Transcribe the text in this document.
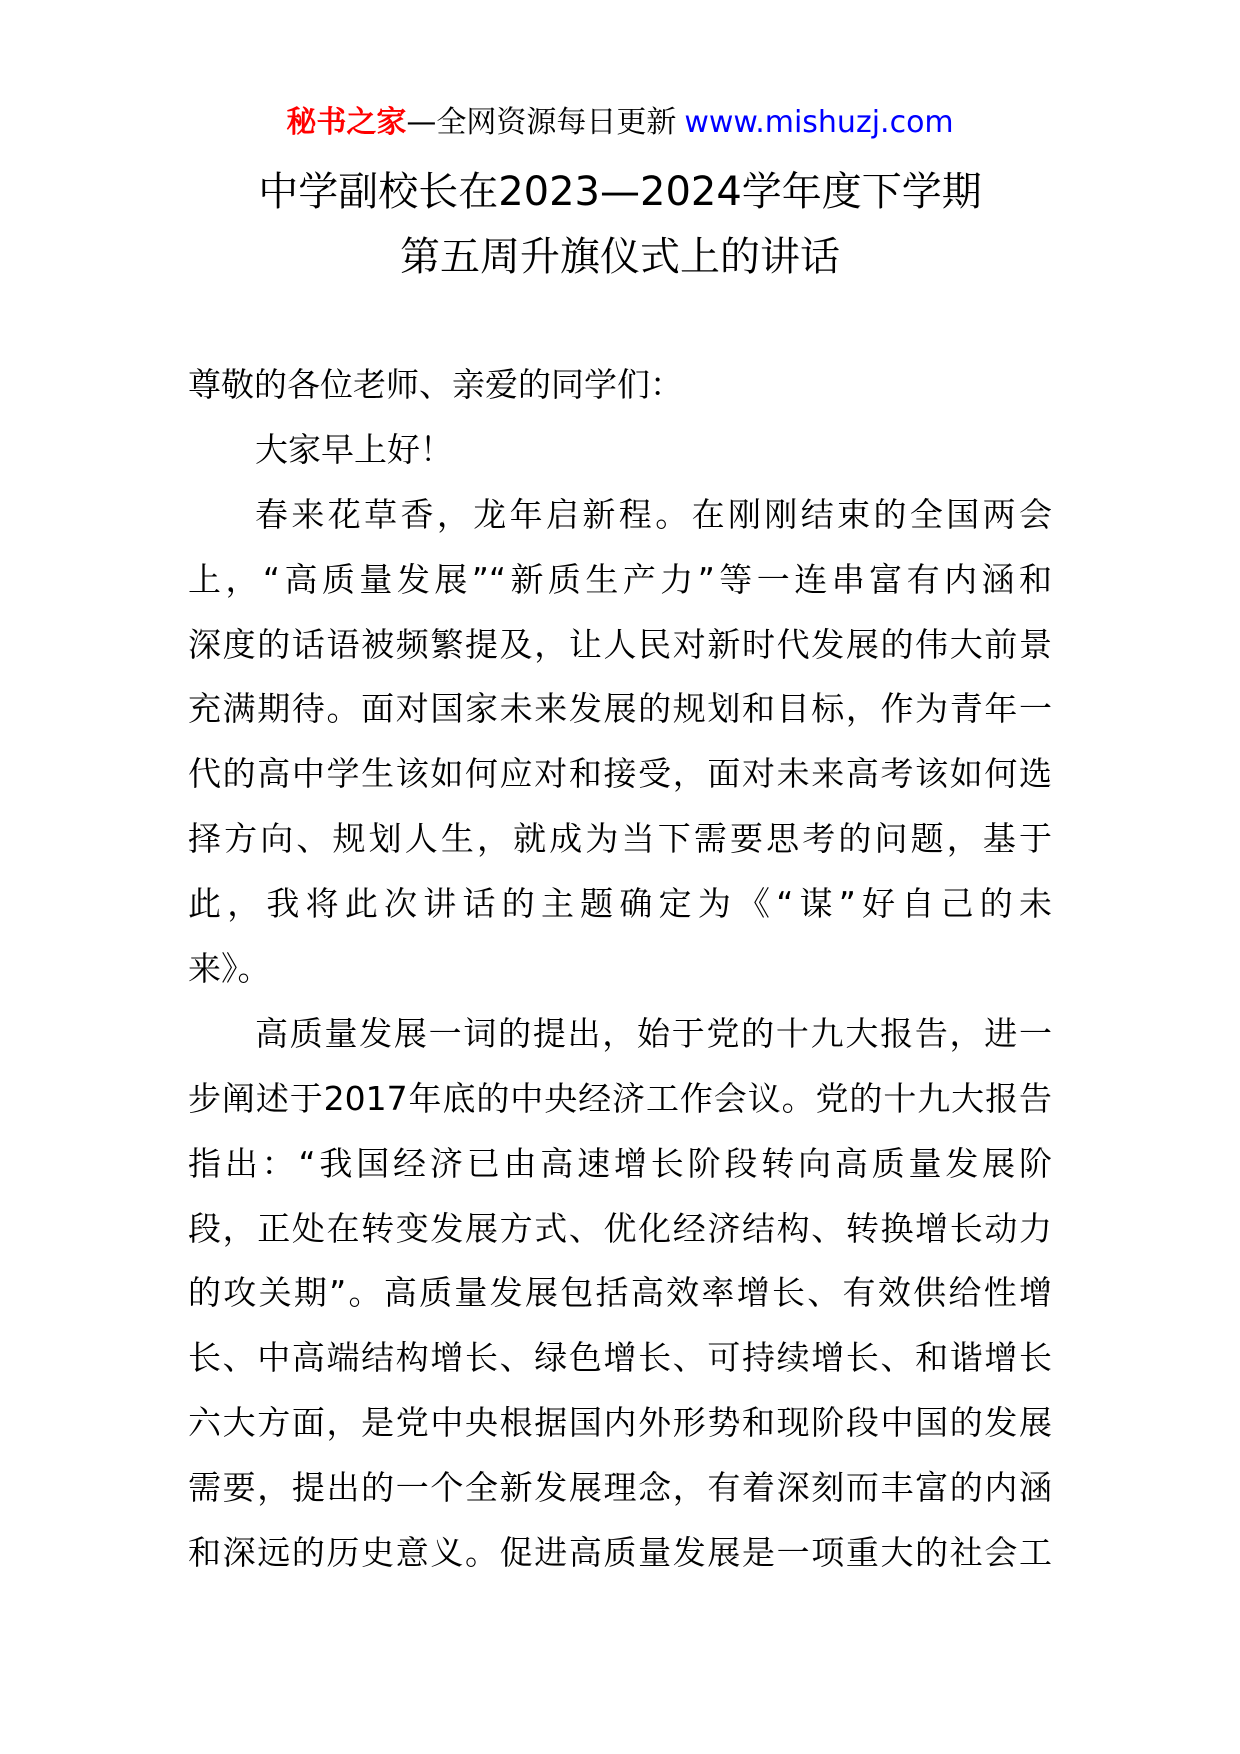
秘书之家—全网资源每日更新 www.mishuzj.com
中学副校长在2023—2024学年度下学期
第五周升旗仪式上的讲话
尊敬的各位老师、亲爱的同学们：
大家早上好！
春来花草香，龙年启新程。在刚刚结束的全国两会
上，“高质量发展”“新质生产力”等一连串富有内涵和
深度的话语被频繁提及，让人民对新时代发展的伟大前景
充满期待。面对国家未来发展的规划和目标，作为青年一
代的高中学生该如何应对和接受，面对未来高考该如何选
择方向、规划人生，就成为当下需要思考的问题，基于
此，我将此次讲话的主题确定为《“谋”好自己的未
来》。
高质量发展一词的提出，始于党的十九大报告，进一
步阐述于2017年底的中央经济工作会议。党的十九大报告
指出：“我国经济已由高速增长阶段转向高质量发展阶
段，正处在转变发展方式、优化经济结构、转换增长动力
的攻关期”。高质量发展包括高效率增长、有效供给性增
长、中高端结构增长、绿色增长、可持续增长、和谐增长
六大方面，是党中央根据国内外形势和现阶段中国的发展
需要，提出的一个全新发展理念，有着深刻而丰富的内涵
和深远的历史意义。促进高质量发展是一项重大的社会工
